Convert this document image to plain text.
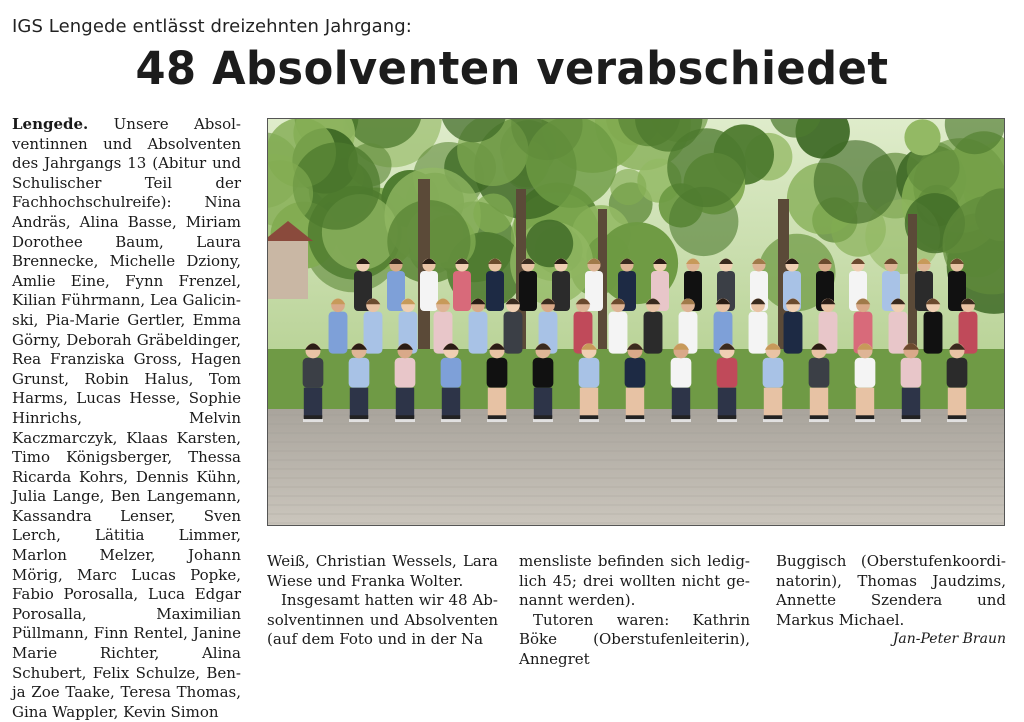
IGS Lengede entlässt dreizehnten Jahrgang:
48 Absolventen verabschiedet

Lengede. Unsere Absolventinnen und Absolventen des Jahrgangs 13 (Abitur und Schulischer Teil der Fachhochschulreife): Nina Andräs, Alina Basse, Miriam Dorothee Baum, Laura Brennecke, Michelle Dziony, Amlie Eine, Fynn Frenzel, Kilian Führmann, Lea Galicinski, Pia-Marie Gertler, Emma Görny, Deborah Gräbeldinger, Rea Franziska Gross, Hagen Grunst, Robin Halus, Tom Harms, Lucas Hesse, Sophie Hinrichs, Melvin Kaczmarczyk, Klaas Karsten, Timo Königsberger, Thessa Ricarda Kohrs, Dennis Kühn, Julia Lange, Ben Langemann, Kassandra Lenser, Sven Lerch, Lätitia Limmer, Marlon Melzer, Johann Mörig, Marc Lucas Popke, Fabio Porosalla, Luca Edgar Porosalla, Maximilian Püllmann, Finn Rentel, Janine Marie Richter, Alina Schubert, Felix Schulze, Benja Zoe Taake, Teresa Thomas, Gina Wappler, Kevin Simon

Weiß, Christian Wessels, Lara Wiese und Franka Wolter.

Insgesamt hatten wir 48 Absolventinnen und Absolventen (auf dem Foto und in der Na

mensliste befinden sich lediglich 45; drei wollten nicht genannt werden).

Tutoren waren: Kathrin Böke (Oberstufenleiterin), Annegret

Buggisch (Oberstufenkoordinatorin), Thomas Jaudzims, Annette Szendera und Markus Michael.

Jan-Peter Braun
